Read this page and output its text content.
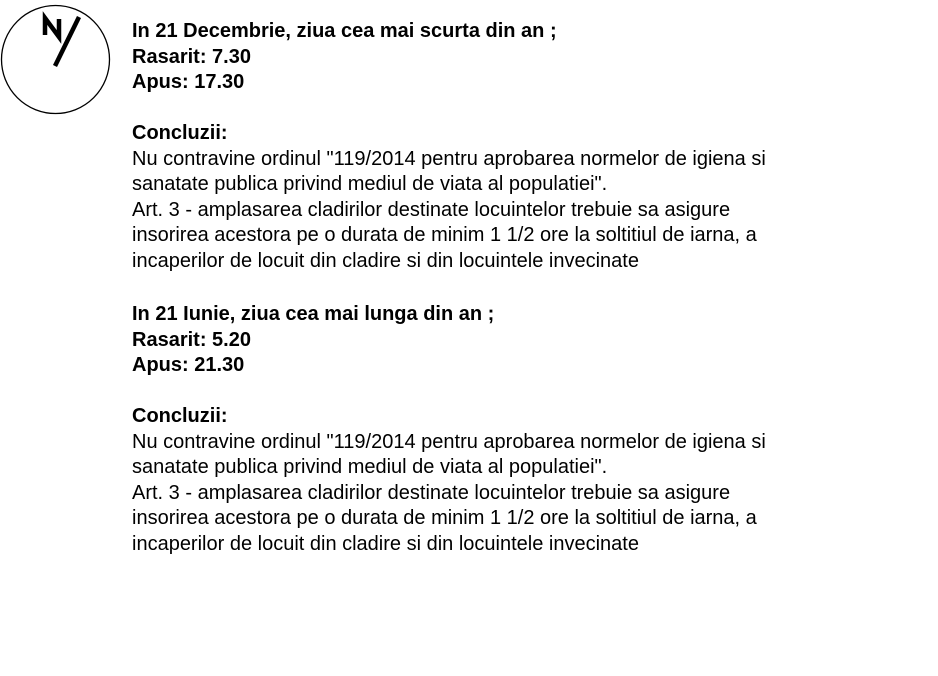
In 21 Decembrie, ziua cea mai scurta din an ;
Rasarit: 7.30
Apus: 17.30
Concluzii:
Nu contravine ordinul "119/2014 pentru aprobarea normelor de igiena si
sanatate publica privind mediul de viata al populatiei".
Art. 3 - amplasarea cladirilor destinate locuintelor trebuie sa asigure
insorirea acestora pe o durata de minim 1 1/2 ore la soltitiul de iarna, a
incaperilor de locuit din cladire si din locuintele invecinate
In 21 Iunie, ziua cea mai lunga din an ;
Rasarit: 5.20
Apus: 21.30
Concluzii:
Nu contravine ordinul "119/2014 pentru aprobarea normelor de igiena si
sanatate publica privind mediul de viata al populatiei".
Art. 3 - amplasarea cladirilor destinate locuintelor trebuie sa asigure
insorirea acestora pe o durata de minim 1 1/2 ore la soltitiul de iarna, a
incaperilor de locuit din cladire si din locuintele invecinate
